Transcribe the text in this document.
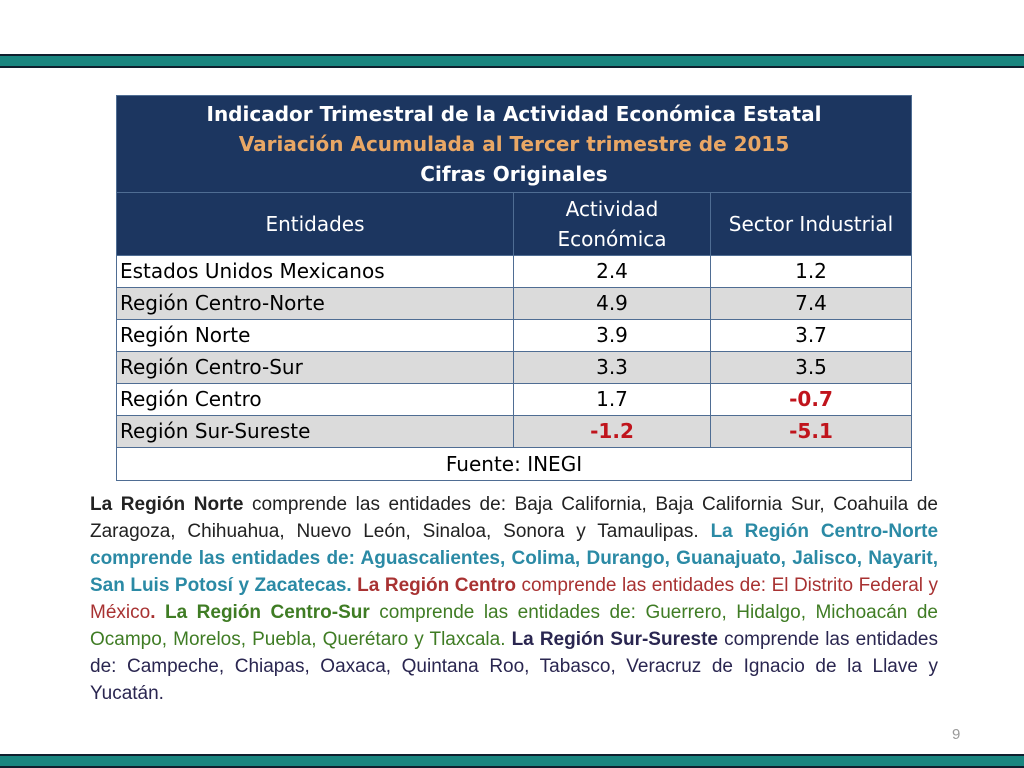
Indicador Trimestral de la Actividad Económica Estatal
Variación Acumulada al Tercer trimestre de 2015
Cifras Originales		

Entidades	Actividad Económica	Sector Industrial
Estados Unidos Mexicanos	2.4	1.2
Región Centro-Norte	4.9	7.4
Región Norte	3.9	3.7
Región Centro-Sur	3.3	3.5
Región Centro	1.7	-0.7
Región Sur-Sureste	-1.2	-5.1
Fuente: INEGI		

La Región Norte comprende las entidades de: Baja California, Baja California Sur, Coahuila de Zaragoza, Chihuahua, Nuevo León, Sinaloa, Sonora y Tamaulipas. La Región Centro-Norte comprende las entidades de: Aguascalientes, Colima, Durango, Guanajuato, Jalisco, Nayarit, San Luis Potosí y Zacatecas. La Región Centro comprende las entidades de: El Distrito Federal y México. La Región Centro-Sur comprende las entidades de: Guerrero, Hidalgo, Michoacán de Ocampo, Morelos, Puebla, Querétaro y Tlaxcala. La Región Sur-Sureste comprende las entidades de: Campeche, Chiapas, Oaxaca, Quintana Roo, Tabasco, Veracruz de Ignacio de la Llave y Yucatán.

9
